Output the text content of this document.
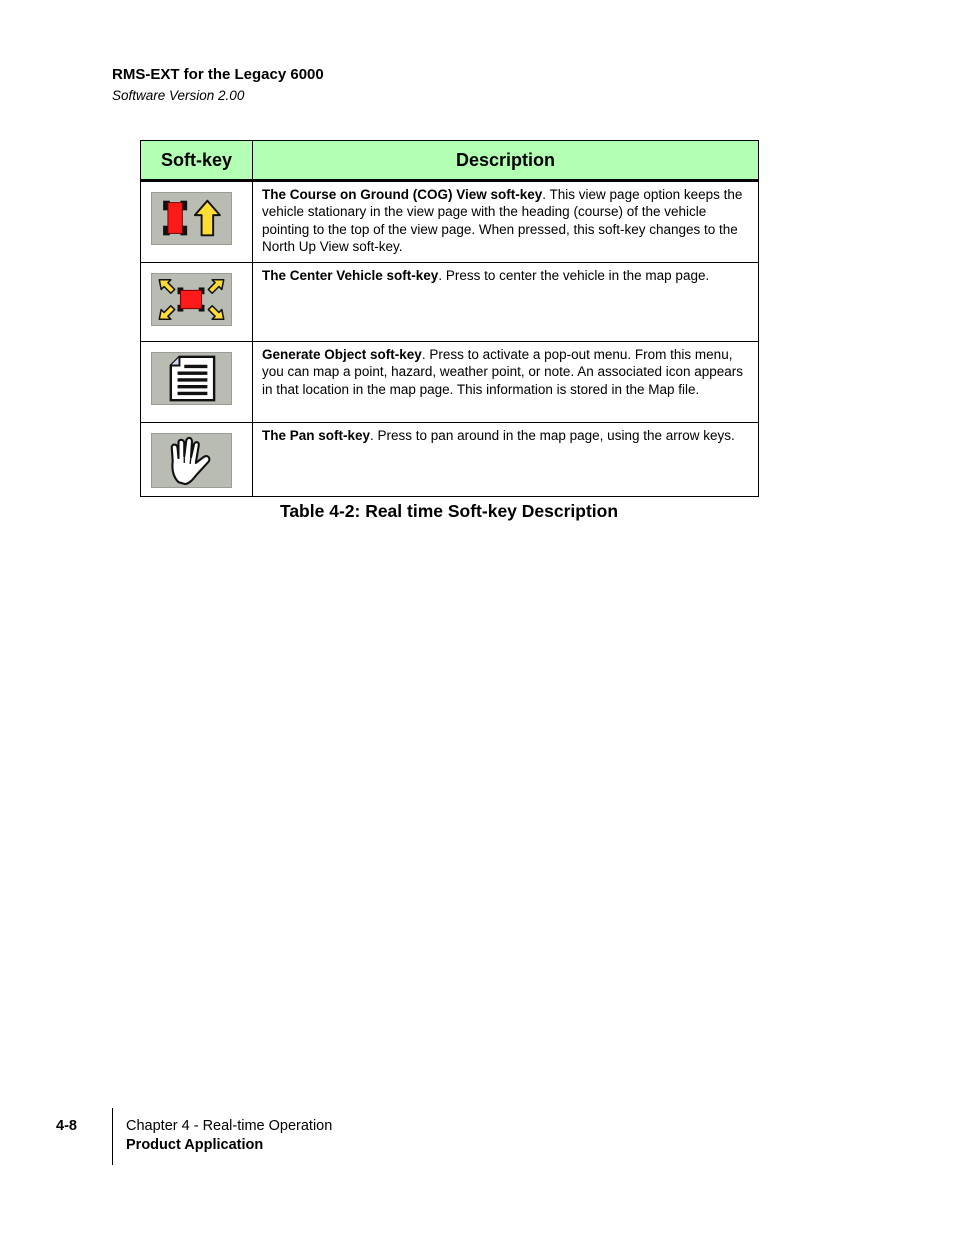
RMS-EXT for the Legacy 6000
Software Version 2.00
Soft-key	Description

	The Course on Ground (COG) View soft-key. This view page option keeps the vehicle stationary in the view page with the heading (course) of the vehicle pointing to the top of the view page. When pressed, this soft-key changes to the North Up View soft-key.

	The Center Vehicle soft-key. Press to center the vehicle in the map page.

	Generate Object soft-key. Press to activate a pop-out menu. From this menu, you can map a point, hazard, weather point, or note. An associated icon appears in that location in the map page. This information is stored in the Map file.

	The Pan soft-key. Press to pan around in the map page, using the arrow keys.
Table 4-2: Real time Soft-key Description
4-8	Chapter 4 - Real-time Operation
Product Application
